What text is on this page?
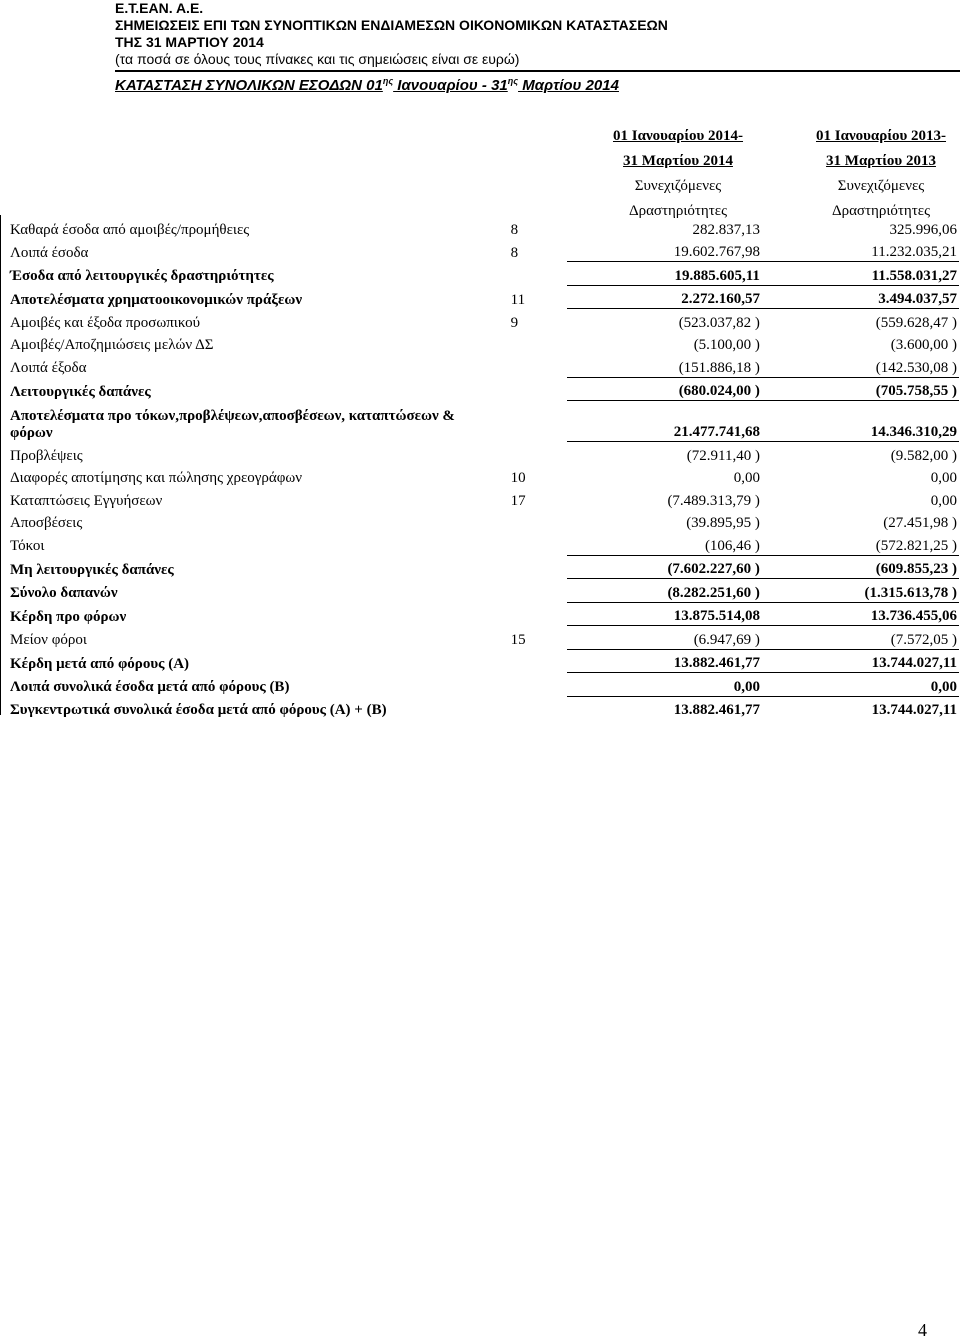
Ε.Τ.ΕΑΝ. Α.Ε.
ΣΗΜΕΙΩΣΕΙΣ ΕΠΙ ΤΩΝ ΣΥΝΟΠΤΙΚΩΝ ΕΝΔΙΑΜΕΣΩΝ ΟΙΚΟΝΟΜΙΚΩΝ ΚΑΤΑΣΤΑΣΕΩΝ
ΤΗΣ 31 ΜΑΡΤΙΟΥ 2014
(τα ποσά σε όλους τους πίνακες και τις σημειώσεις είναι σε ευρώ)
ΚΑΤΑΣΤΑΣΗ ΣΥΝΟΛΙΚΩΝ ΕΣΟΔΩΝ $01^{\eta\varsigma}$ Ιανουαρίου - $31^{\eta\varsigma}$ Μαρτίου 2014
01 Ιανουαρίου 2014-
31 Μαρτίου 2014
Συνεχιζόμενες
Δραστηριότητες
01 Ιανουαρίου 2013-
31 Μαρτίου 2013
Συνεχιζόμενες
Δραστηριότητες
Καθαρά έσοδα από αμοιβές/προμήθειες	8	282.837,13	325.996,06
Λοιπά έσοδα	8	19.602.767,98	11.232.035,21
Έσοδα από λειτουργικές δραστηριότητες		19.885.605,11	11.558.031,27
Αποτελέσματα χρηματοοικονομικών πράξεων	11	2.272.160,57	3.494.037,57
Αμοιβές και έξοδα προσωπικού	9	(523.037,82 )	(559.628,47 )
Αμοιβές/Αποζημιώσεις μελών ΔΣ		(5.100,00 )	(3.600,00 )
Λοιπά έξοδα		(151.886,18 )	(142.530,08 )
Λειτουργικές δαπάνες		(680.024,00 )	(705.758,55 )
Αποτελέσματα προ τόκων,προβλέψεων,αποσβέσεων, καταπτώσεων & φόρων		21.477.741,68	14.346.310,29
Προβλέψεις		(72.911,40 )	(9.582,00 )
Διαφορές αποτίμησης και πώλησης χρεογράφων	10	0,00	0,00
Καταπτώσεις Εγγυήσεων	17	(7.489.313,79 )	0,00
Αποσβέσεις		(39.895,95 )	(27.451,98 )
Τόκοι		(106,46 )	(572.821,25 )
Μη λειτουργικές δαπάνες		(7.602.227,60 )	(609.855,23 )
Σύνολο δαπανών		(8.282.251,60 )	(1.315.613,78 )
Κέρδη προ φόρων		13.875.514,08	13.736.455,06
Μείον φόροι	15	(6.947,69 )	(7.572,05 )
Κέρδη μετά από φόρους (Α)		13.882.461,77	13.744.027,11
Λοιπά συνολικά έσοδα μετά από φόρους (Β)		0,00	0,00
Συγκεντρωτικά συνολικά έσοδα μετά από φόρους (Α) + (Β)		13.882.461,77	13.744.027,11
4
